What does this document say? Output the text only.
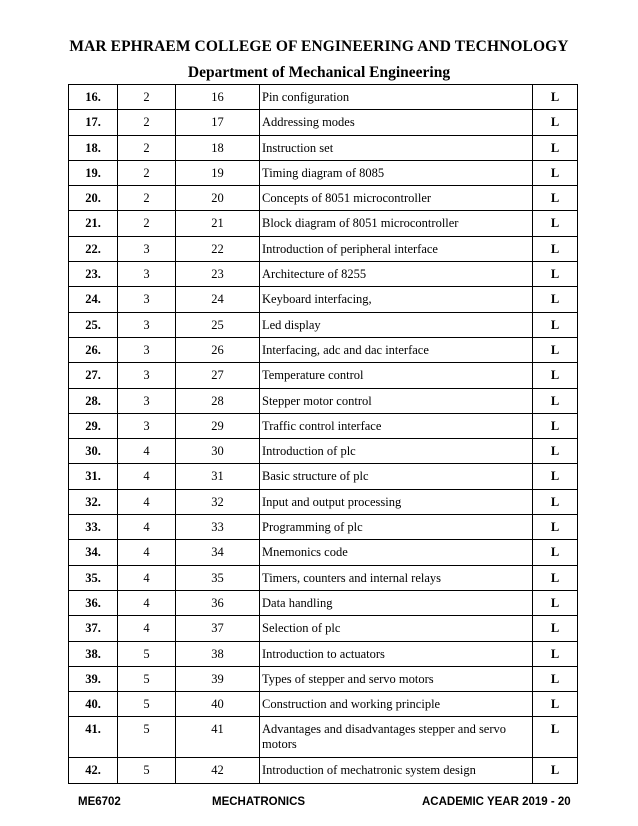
MAR EPHRAEM COLLEGE OF ENGINEERING AND TECHNOLOGY
Department of Mechanical Engineering
16.	2	16	Pin configuration	L
17.	2	17	Addressing modes	L
18.	2	18	Instruction set	L
19.	2	19	Timing diagram of 8085	L
20.	2	20	Concepts of 8051 microcontroller	L
21.	2	21	Block diagram of 8051 microcontroller	L
22.	3	22	Introduction of peripheral interface	L
23.	3	23	Architecture of 8255	L
24.	3	24	Keyboard interfacing,	L
25.	3	25	Led display	L
26.	3	26	Interfacing, adc and dac interface	L
27.	3	27	Temperature control	L
28.	3	28	Stepper motor control	L
29.	3	29	Traffic control interface	L
30.	4	30	Introduction of plc	L
31.	4	31	Basic structure of plc	L
32.	4	32	Input and output processing	L
33.	4	33	Programming of plc	L
34.	4	34	Mnemonics code	L
35.	4	35	Timers, counters and internal relays	L
36.	4	36	Data handling	L
37.	4	37	Selection of plc	L
38.	5	38	Introduction to actuators	L
39.	5	39	Types of stepper and servo motors	L
40.	5	40	Construction and working principle	L
41.	5	41	Advantages and disadvantages stepper and servo motors	L
42.	5	42	Introduction of mechatronic system design	L
ME6702	MECHATRONICS	ACADEMIC YEAR 2019 - 20
